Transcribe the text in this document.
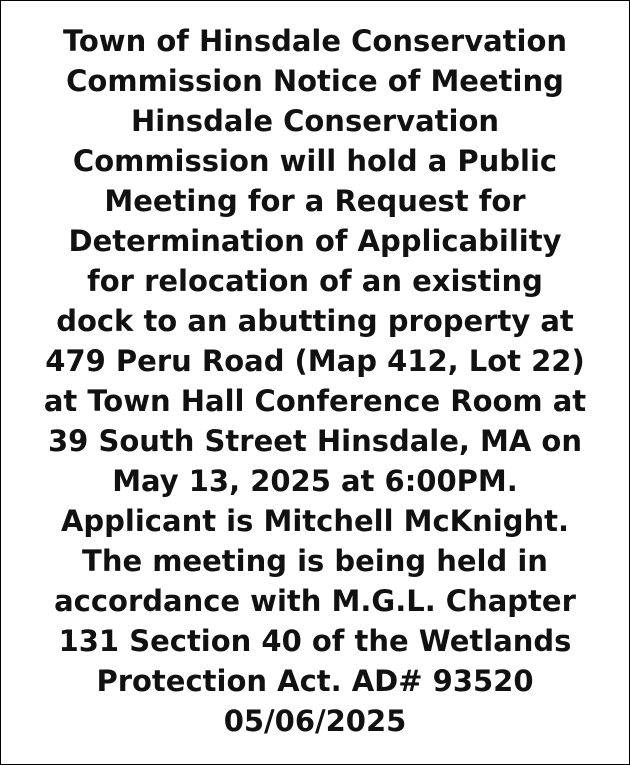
Town of Hinsdale Conservation
Commission Notice of Meeting
Hinsdale Conservation
Commission will hold a Public
Meeting for a Request for
Determination of Applicability
for relocation of an existing
dock to an abutting property at
479 Peru Road (Map 412, Lot 22)
at Town Hall Conference Room at
39 South Street Hinsdale, MA on
May 13, 2025 at 6:00PM.
Applicant is Mitchell McKnight.
The meeting is being held in
accordance with M.G.L. Chapter
131 Section 40 of the Wetlands
Protection Act. AD# 93520
05/06/2025
